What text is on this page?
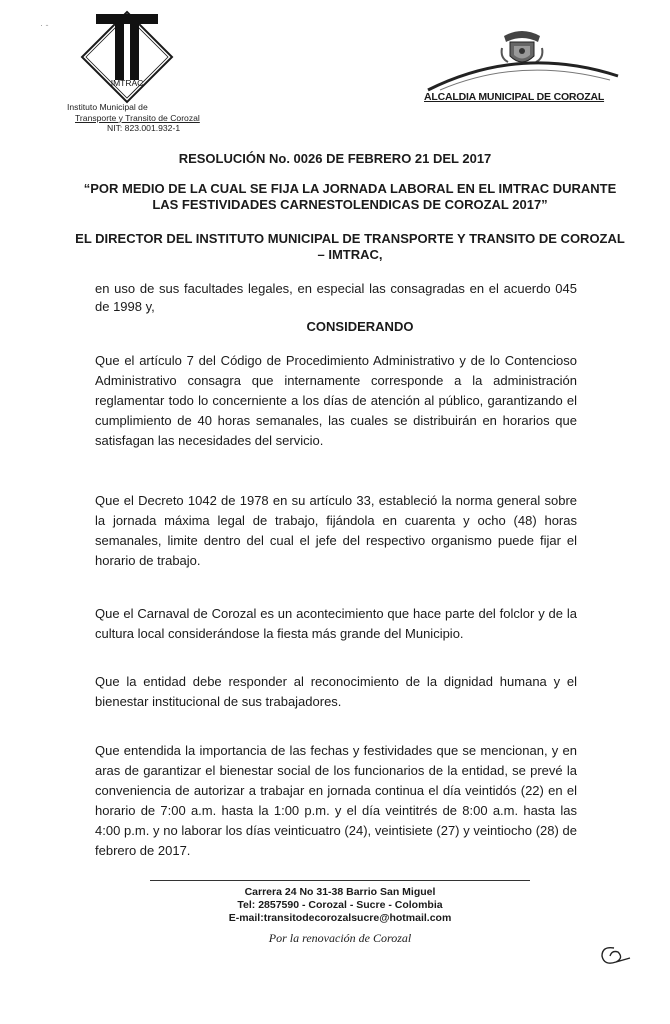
· -
IMTRAC
Instituto Municipal de
Transporte y Transito de Corozal
NIT: 823.001.932-1
ALCALDIA MUNICIPAL DE COROZAL
RESOLUCIÓN No. 0026 DE FEBRERO 21 DEL 2017
“POR MEDIO DE LA CUAL SE FIJA LA JORNADA LABORAL EN EL IMTRAC DURANTE LAS FESTIVIDADES CARNESTOLENDICAS DE COROZAL 2017”
EL DIRECTOR DEL INSTITUTO MUNICIPAL DE TRANSPORTE Y TRANSITO DE COROZAL – IMTRAC,
en uso de sus facultades legales, en especial las consagradas en el acuerdo 045 de 1998 y,
CONSIDERANDO
Que el artículo 7 del Código de Procedimiento Administrativo y de lo Contencioso Administrativo consagra que internamente corresponde a la administración reglamentar todo lo concerniente a los días de atención al público, garantizando el cumplimiento de 40 horas semanales, las cuales se distribuirán en horarios que satisfagan las necesidades del servicio.
Que el Decreto 1042 de 1978 en su artículo 33, estableció la norma general sobre la jornada máxima legal de trabajo, fijándola en cuarenta y ocho (48) horas semanales, limite dentro del cual el jefe del respectivo organismo puede fijar el horario de trabajo.
Que el Carnaval de Corozal es un acontecimiento que hace parte del folclor y de la cultura local considerándose la fiesta más grande del Municipio.
Que la entidad debe responder al reconocimiento de la dignidad humana y el bienestar institucional de sus trabajadores.
Que entendida la importancia de las fechas y festividades que se mencionan, y en aras de garantizar el bienestar social de los funcionarios de la entidad, se prevé la conveniencia de autorizar a trabajar en jornada continua el día veintidós (22) en el horario de 7:00 a.m. hasta la 1:00 p.m. y el día veintitrés de 8:00 a.m. hasta las 4:00 p.m. y no laborar los días veinticuatro (24), veintisiete (27) y veintiocho (28) de febrero de 2017.
Carrera 24 No 31-38 Barrio San Miguel
Tel: 2857590 - Corozal - Sucre - Colombia
E-mail:transitodecorozalsucre@hotmail.com
Por la renovación de Corozal
